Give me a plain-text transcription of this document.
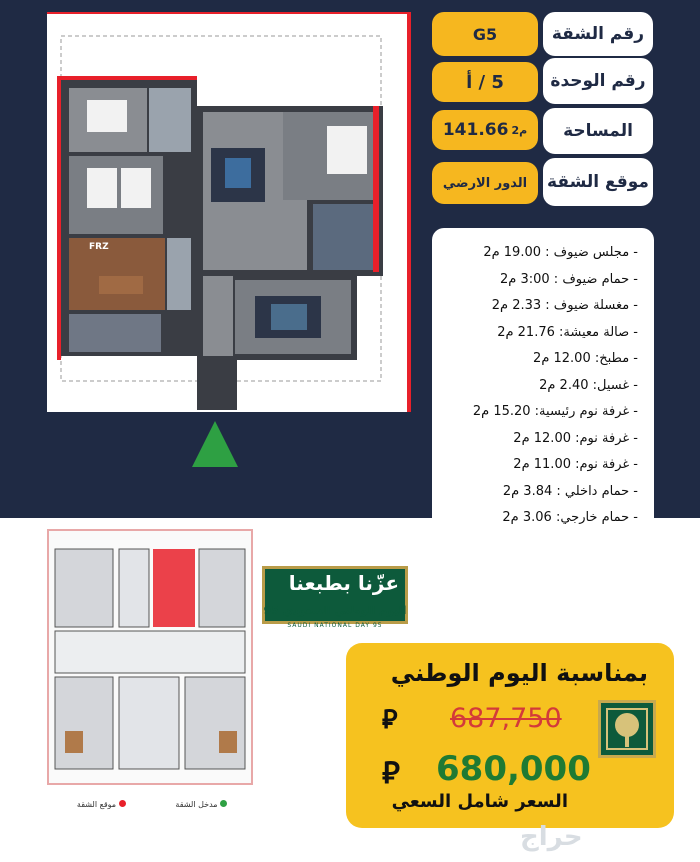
FRZ
G5	رقم الشقة
5 / أ	رقم الوحدة
141.66 م2	المساحة
الدور الارضي	موقع الشقة
- مجلس ضيوف : 19.00 م2
- حمام ضيوف : 3:00 م2
- مغسلة ضيوف : 2.33 م2
- صالة معيشة: 21.76 م2
- مطبخ: 12.00 م2
- غسيل: 2.40 م2
- غرفة نوم رئيسية: 15.20 م2
- غرفة نوم: 12.00 م2
- غرفة نوم: 11.00 م2
- حمام داخلي : 3.84 م2
- حمام خارجي: 3.06 م2
مدخل الشقة
موقع الشقة
عزّنا بطبعنا
اليوم الوطني السعودي 95
SAUDI NATIONAL DAY 95
بمناسبة اليوم الوطني
⃁ 687,750
⃁ 680,000
السعر شامل السعي
حراج
